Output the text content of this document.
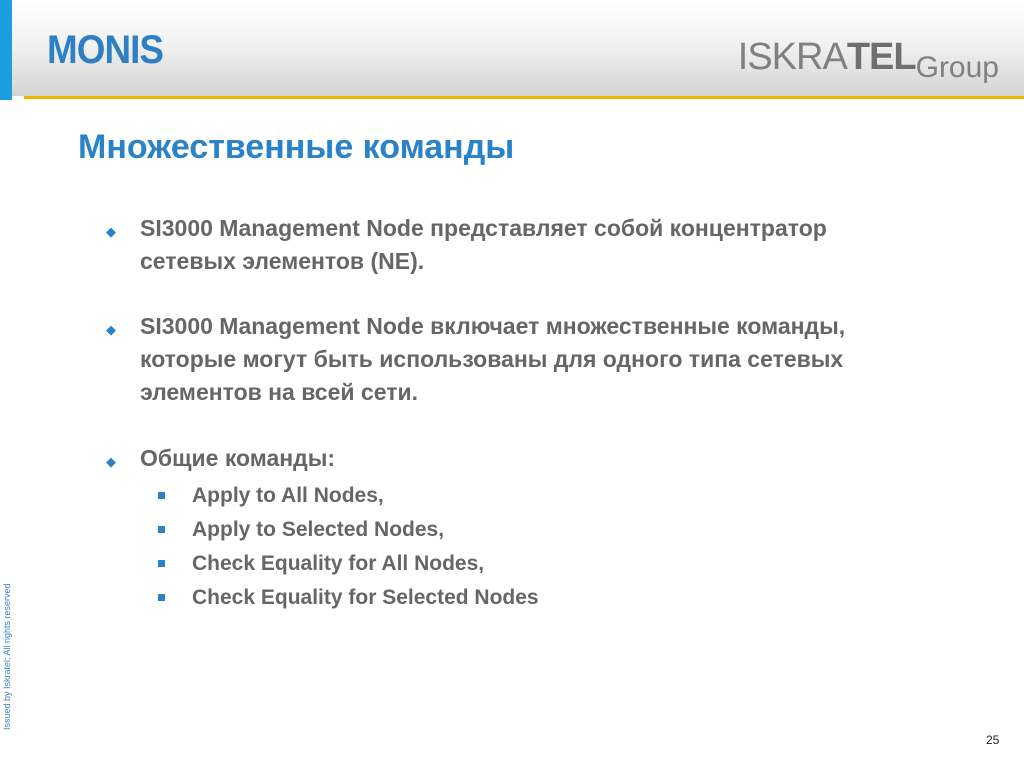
MONIS	ISKRATELGroup
Множественные команды
◆ SI3000 Management Node представляет собой концентратор сетевых элементов (NE).
◆ SI3000 Management Node включает множественные команды, которые могут быть использованы для одного типа сетевых элементов на всей сети.
◆ Общие команды:
Apply to All Nodes,
Apply to Selected Nodes,
Check Equality for All Nodes,
Check Equality for Selected Nodes
Issued by Iskratel; All rights reserved
25
